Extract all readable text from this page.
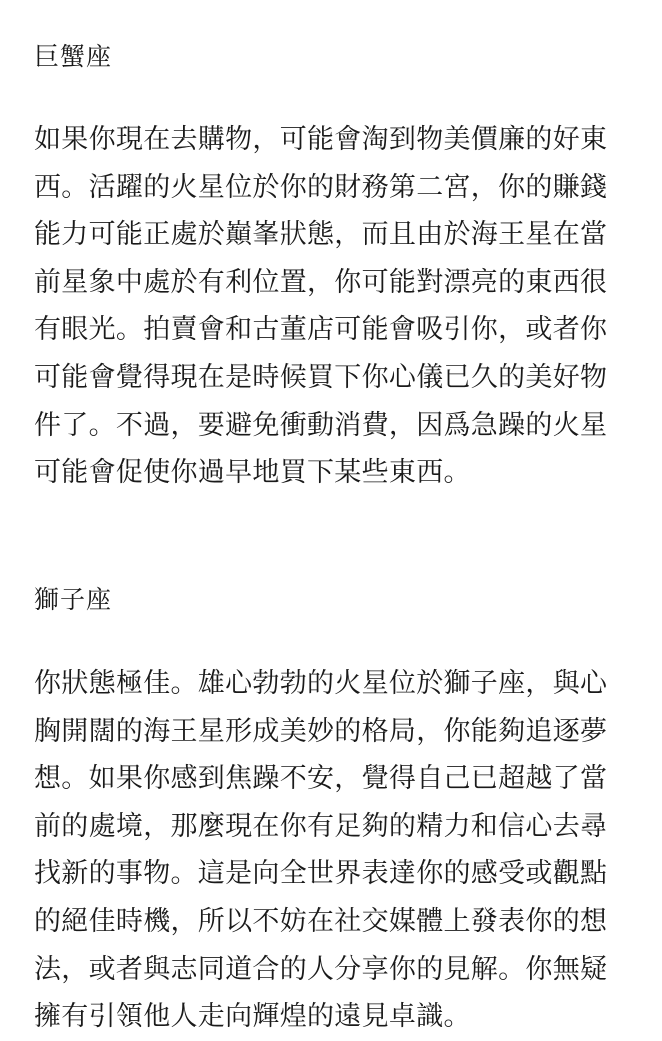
巨蟹座
如果你現在去購物，可能會淘到物美價廉的好東
西。活躍的火星位於你的財務第二宮，你的賺錢
能力可能正處於巔峯狀態，而且由於海王星在當
前星象中處於有利位置，你可能對漂亮的東西很
有眼光。拍賣會和古董店可能會吸引你，或者你
可能會覺得現在是時候買下你心儀已久的美好物
件了。不過，要避免衝動消費，因爲急躁的火星
可能會促使你過早地買下某些東西。
獅子座
你狀態極佳。雄心勃勃的火星位於獅子座，與心
胸開闊的海王星形成美妙的格局，你能夠追逐夢
想。如果你感到焦躁不安，覺得自己已超越了當
前的處境，那麼現在你有足夠的精力和信心去尋
找新的事物。這是向全世界表達你的感受或觀點
的絕佳時機，所以不妨在社交媒體上發表你的想
法，或者與志同道合的人分享你的見解。你無疑
擁有引領他人走向輝煌的遠見卓識。
